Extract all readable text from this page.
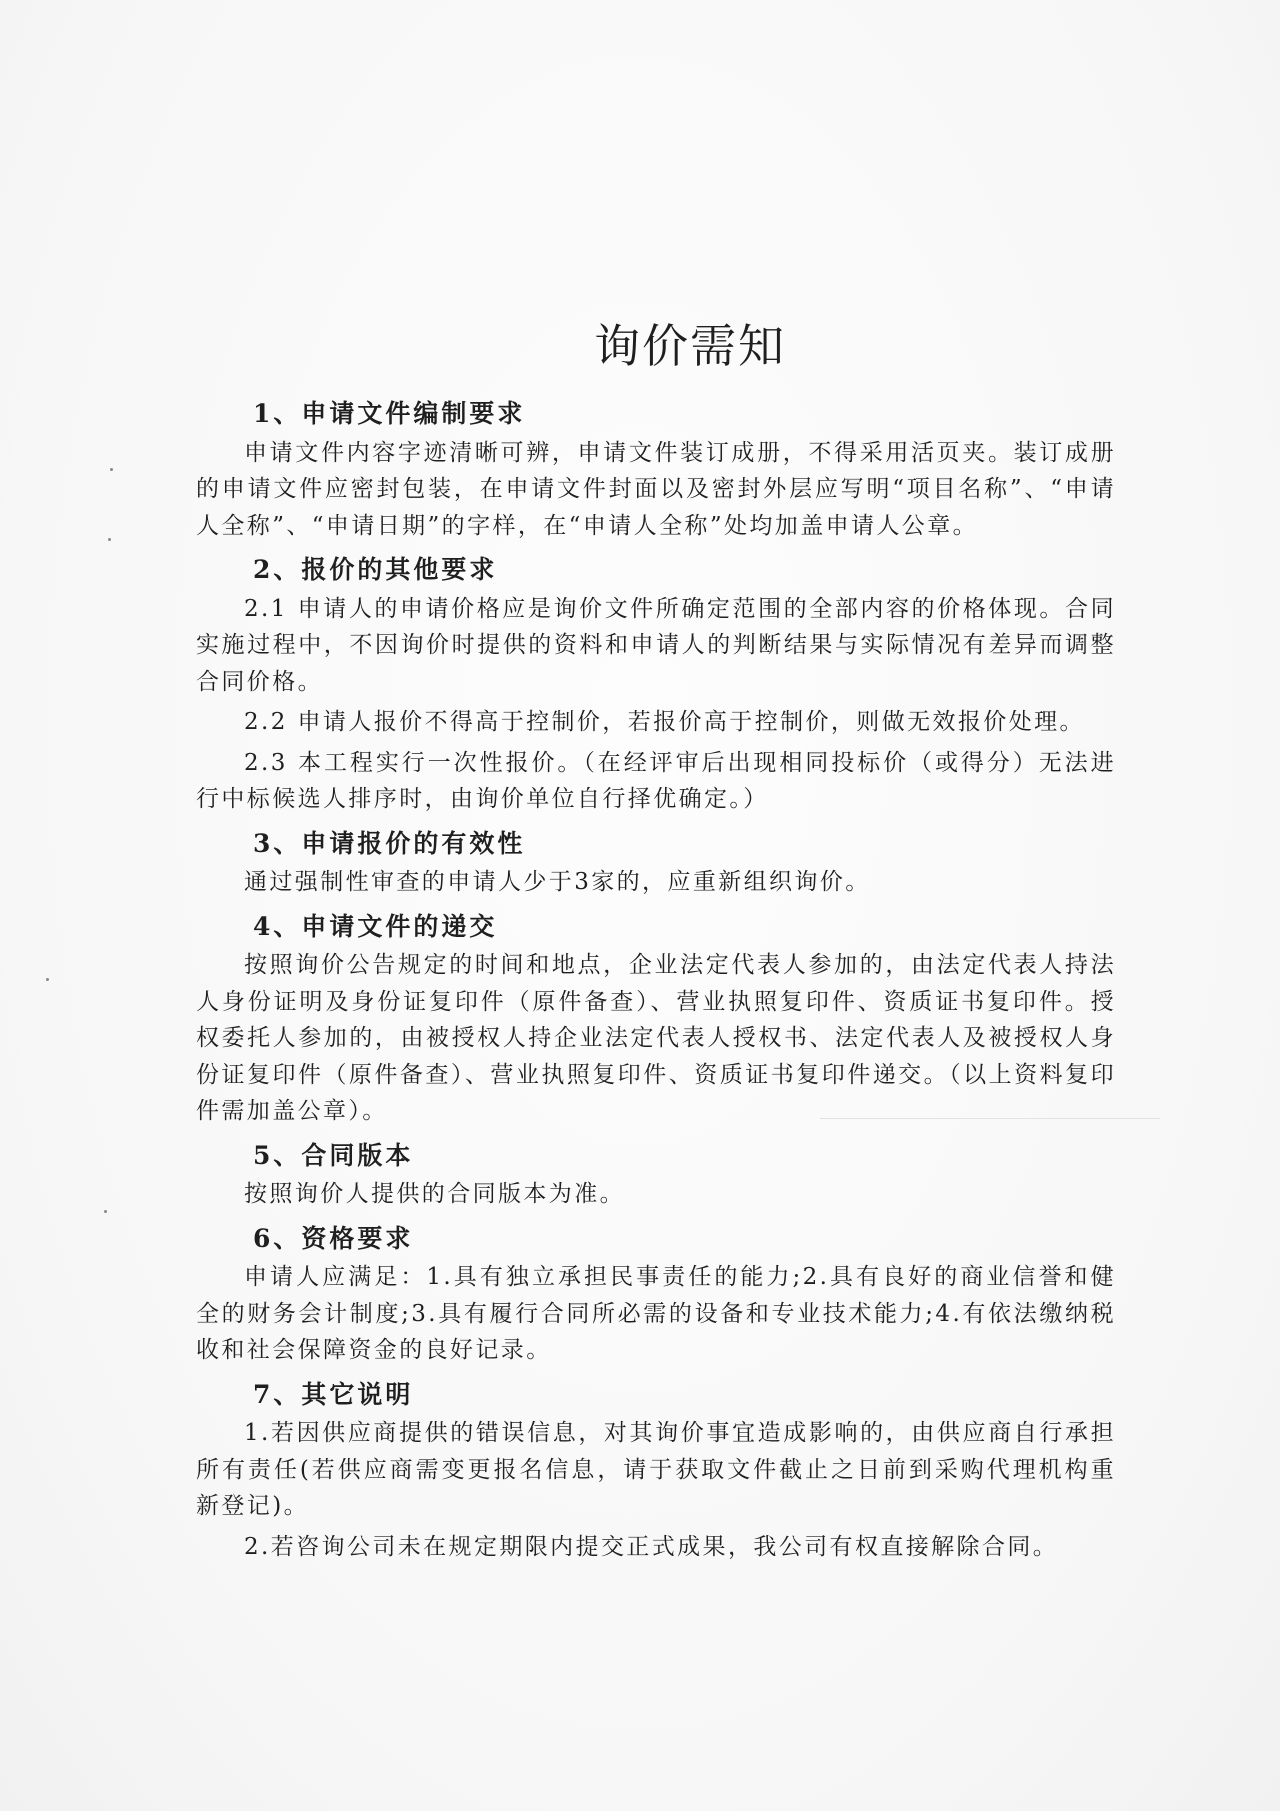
询价需知
1、申请文件编制要求

申请文件内容字迹清晰可辨，申请文件装订成册，不得采用活页夹。装订成册的申请文件应密封包装，在申请文件封面以及密封外层应写明“项目名称”、“申请人全称”、“申请日期”的字样，在“申请人全称”处均加盖申请人公章。

2、报价的其他要求

2.1 申请人的申请价格应是询价文件所确定范围的全部内容的价格体现。合同实施过程中，不因询价时提供的资料和申请人的判断结果与实际情况有差异而调整合同价格。

2.2 申请人报价不得高于控制价，若报价高于控制价，则做无效报价处理。

2.3 本工程实行一次性报价。（在经评审后出现相同投标价（或得分）无法进行中标候选人排序时，由询价单位自行择优确定。）

3、申请报价的有效性

通过强制性审查的申请人少于3家的，应重新组织询价。

4、申请文件的递交

按照询价公告规定的时间和地点，企业法定代表人参加的，由法定代表人持法人身份证明及身份证复印件（原件备查）、营业执照复印件、资质证书复印件。授权委托人参加的，由被授权人持企业法定代表人授权书、法定代表人及被授权人身份证复印件（原件备查）、营业执照复印件、资质证书复印件递交。（以上资料复印件需加盖公章）。

5、合同版本

按照询价人提供的合同版本为准。

6、资格要求

申请人应满足：1.具有独立承担民事责任的能力;2.具有良好的商业信誉和健全的财务会计制度;3.具有履行合同所必需的设备和专业技术能力;4.有依法缴纳税收和社会保障资金的良好记录。

7、其它说明

1.若因供应商提供的错误信息，对其询价事宜造成影响的，由供应商自行承担所有责任(若供应商需变更报名信息，请于获取文件截止之日前到采购代理机构重新登记)。

2.若咨询公司未在规定期限内提交正式成果，我公司有权直接解除合同。
